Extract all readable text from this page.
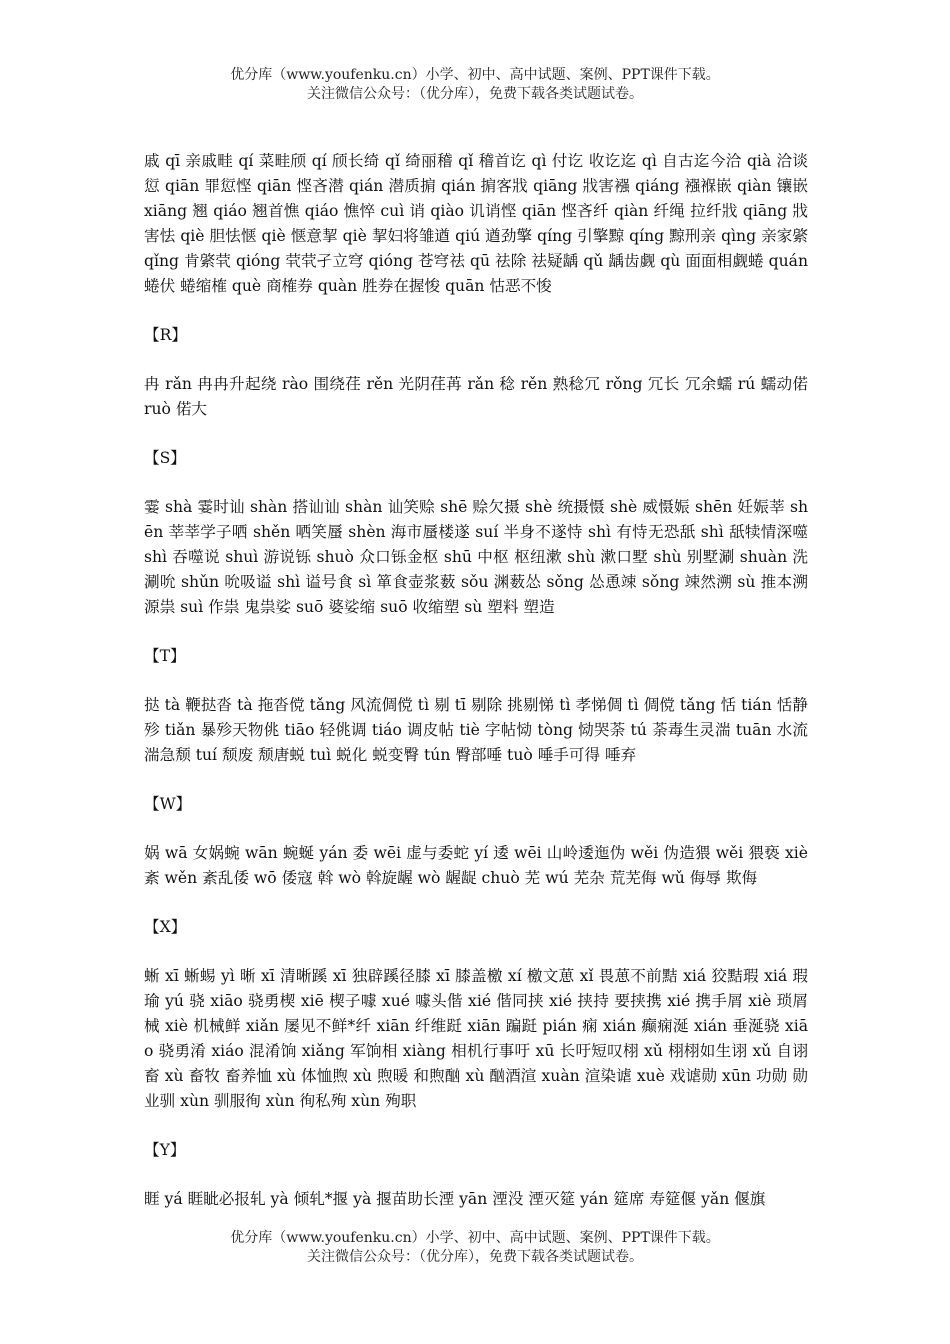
优分库（www.youfenku.cn）小学、初中、高中试题、案例、PPT课件下载。
关注微信公众号：（优分库），免费下载各类试题试卷。

戚 qī 亲戚畦 qí 菜畦颀 qí 颀长绮 qǐ 绮丽稽 qǐ 稽首讫 qì 付讫 收讫迄 qì 自古迄今洽 qià 洽谈愆 qiān 罪愆悭 qiān 悭吝潜 qián 潜质掮 qián 掮客戕 qiāng 戕害襁 qiáng 襁褓嵌 qiàn 镶嵌 xiāng 翘 qiáo 翘首憔 qiáo 憔悴 cuì 诮 qiào 讥诮悭 qiān 悭吝纤 qiàn 纤绳 拉纤戕 qiāng 戕害怯 qiè 胆怯惬 qiè 惬意挈 qiè 挈妇将雏遒 qiú 遒劲擎 qíng 引擎黥 qíng 黥刑亲 qìng 亲家綮 qǐng 肯綮茕 qióng 茕茕孑立穹 qióng 苍穹祛 qū 祛除 祛疑龋 qǔ 龋齿觑 qù 面面相觑蜷 quán 蜷伏 蜷缩榷 què 商榷券 quàn 胜券在握悛 quān 怙恶不悛

【R】

冉 rǎn 冉冉升起绕 rào 围绕荏 rěn 光阴荏苒 rǎn 稔 rěn 熟稔冗 rǒng 冗长 冗余蠕 rú 蠕动偌 ruò 偌大

【S】

霎 shà 霎时讪 shàn 搭讪讪 shàn 讪笑赊 shē 赊欠摄 shè 统摄慑 shè 威慑娠 shēn 妊娠莘 shēn 莘莘学子哂 shěn 哂笑蜃 shèn 海市蜃楼遂 suí 半身不遂恃 shì 有恃无恐舐 shì 舐犊情深噬 shì 吞噬说 shuì 游说铄 shuò 众口铄金枢 shū 中枢 枢纽漱 shù 漱口墅 shù 别墅涮 shuàn 洗涮吮 shǔn 吮吸谥 shì 谥号食 sì 箪食壶浆薮 sǒu 渊薮怂 sǒng 怂恿竦 sǒng 竦然溯 sù 推本溯源祟 suì 作祟 鬼祟娑 suō 婆娑缩 suō 收缩塑 sù 塑料 塑造

【T】

挞 tà 鞭挞沓 tà 拖沓傥 tǎng 风流倜傥 tì 剔 tī 剔除 挑剔悌 tì 孝悌倜 tì 倜傥 tǎng 恬 tián 恬静殄 tiǎn 暴殄天物佻 tiāo 轻佻调 tiáo 调皮帖 tiè 字帖恸 tòng 恸哭荼 tú 荼毒生灵湍 tuān 水流湍急颓 tuí 颓废 颓唐蜕 tuì 蜕化 蜕变臀 tún 臀部唾 tuò 唾手可得 唾弃

【W】

娲 wā 女娲蜿 wān 蜿蜒 yán 委 wēi 虚与委蛇 yí 逶 wēi 山岭逶迤伪 wěi 伪造猥 wěi 猥亵 xiè 紊 wěn 紊乱倭 wō 倭寇 斡 wò 斡旋龌 wò 龌龊 chuò 芜 wú 芜杂 荒芜侮 wǔ 侮辱 欺侮

【X】

蜥 xī 蜥蜴 yì 晰 xī 清晰蹊 xī 独辟蹊径膝 xī 膝盖檄 xí 檄文葸 xǐ 畏葸不前黠 xiá 狡黠瑕 xiá 瑕瑜 yú 骁 xiāo 骁勇楔 xiē 楔子噱 xué 噱头偕 xié 偕同挟 xié 挟持 要挟携 xié 携手屑 xiè 琐屑械 xiè 机械鲜 xiǎn 屡见不鲜*纤 xiān 纤维跹 xiān 蹁跹 pián 痫 xián 癫痫涎 xián 垂涎骁 xiāo 骁勇淆 xiáo 混淆饷 xiǎng 军饷相 xiàng 相机行事吁 xū 长吁短叹栩 xǔ 栩栩如生诩 xǔ 自诩畜 xù 畜牧 畜养恤 xù 体恤煦 xù 煦暖 和煦酗 xù 酗酒渲 xuàn 渲染谑 xuè 戏谑勋 xūn 功勋 勋业驯 xùn 驯服徇 xùn 徇私殉 xùn 殉职

【Y】

睚 yá 睚眦必报轧 yà 倾轧*揠 yà 揠苗助长湮 yān 湮没 湮灭筵 yán 筵席 寿筵偃 yǎn 偃旗

优分库（www.youfenku.cn）小学、初中、高中试题、案例、PPT课件下载。
关注微信公众号：（优分库），免费下载各类试题试卷。
